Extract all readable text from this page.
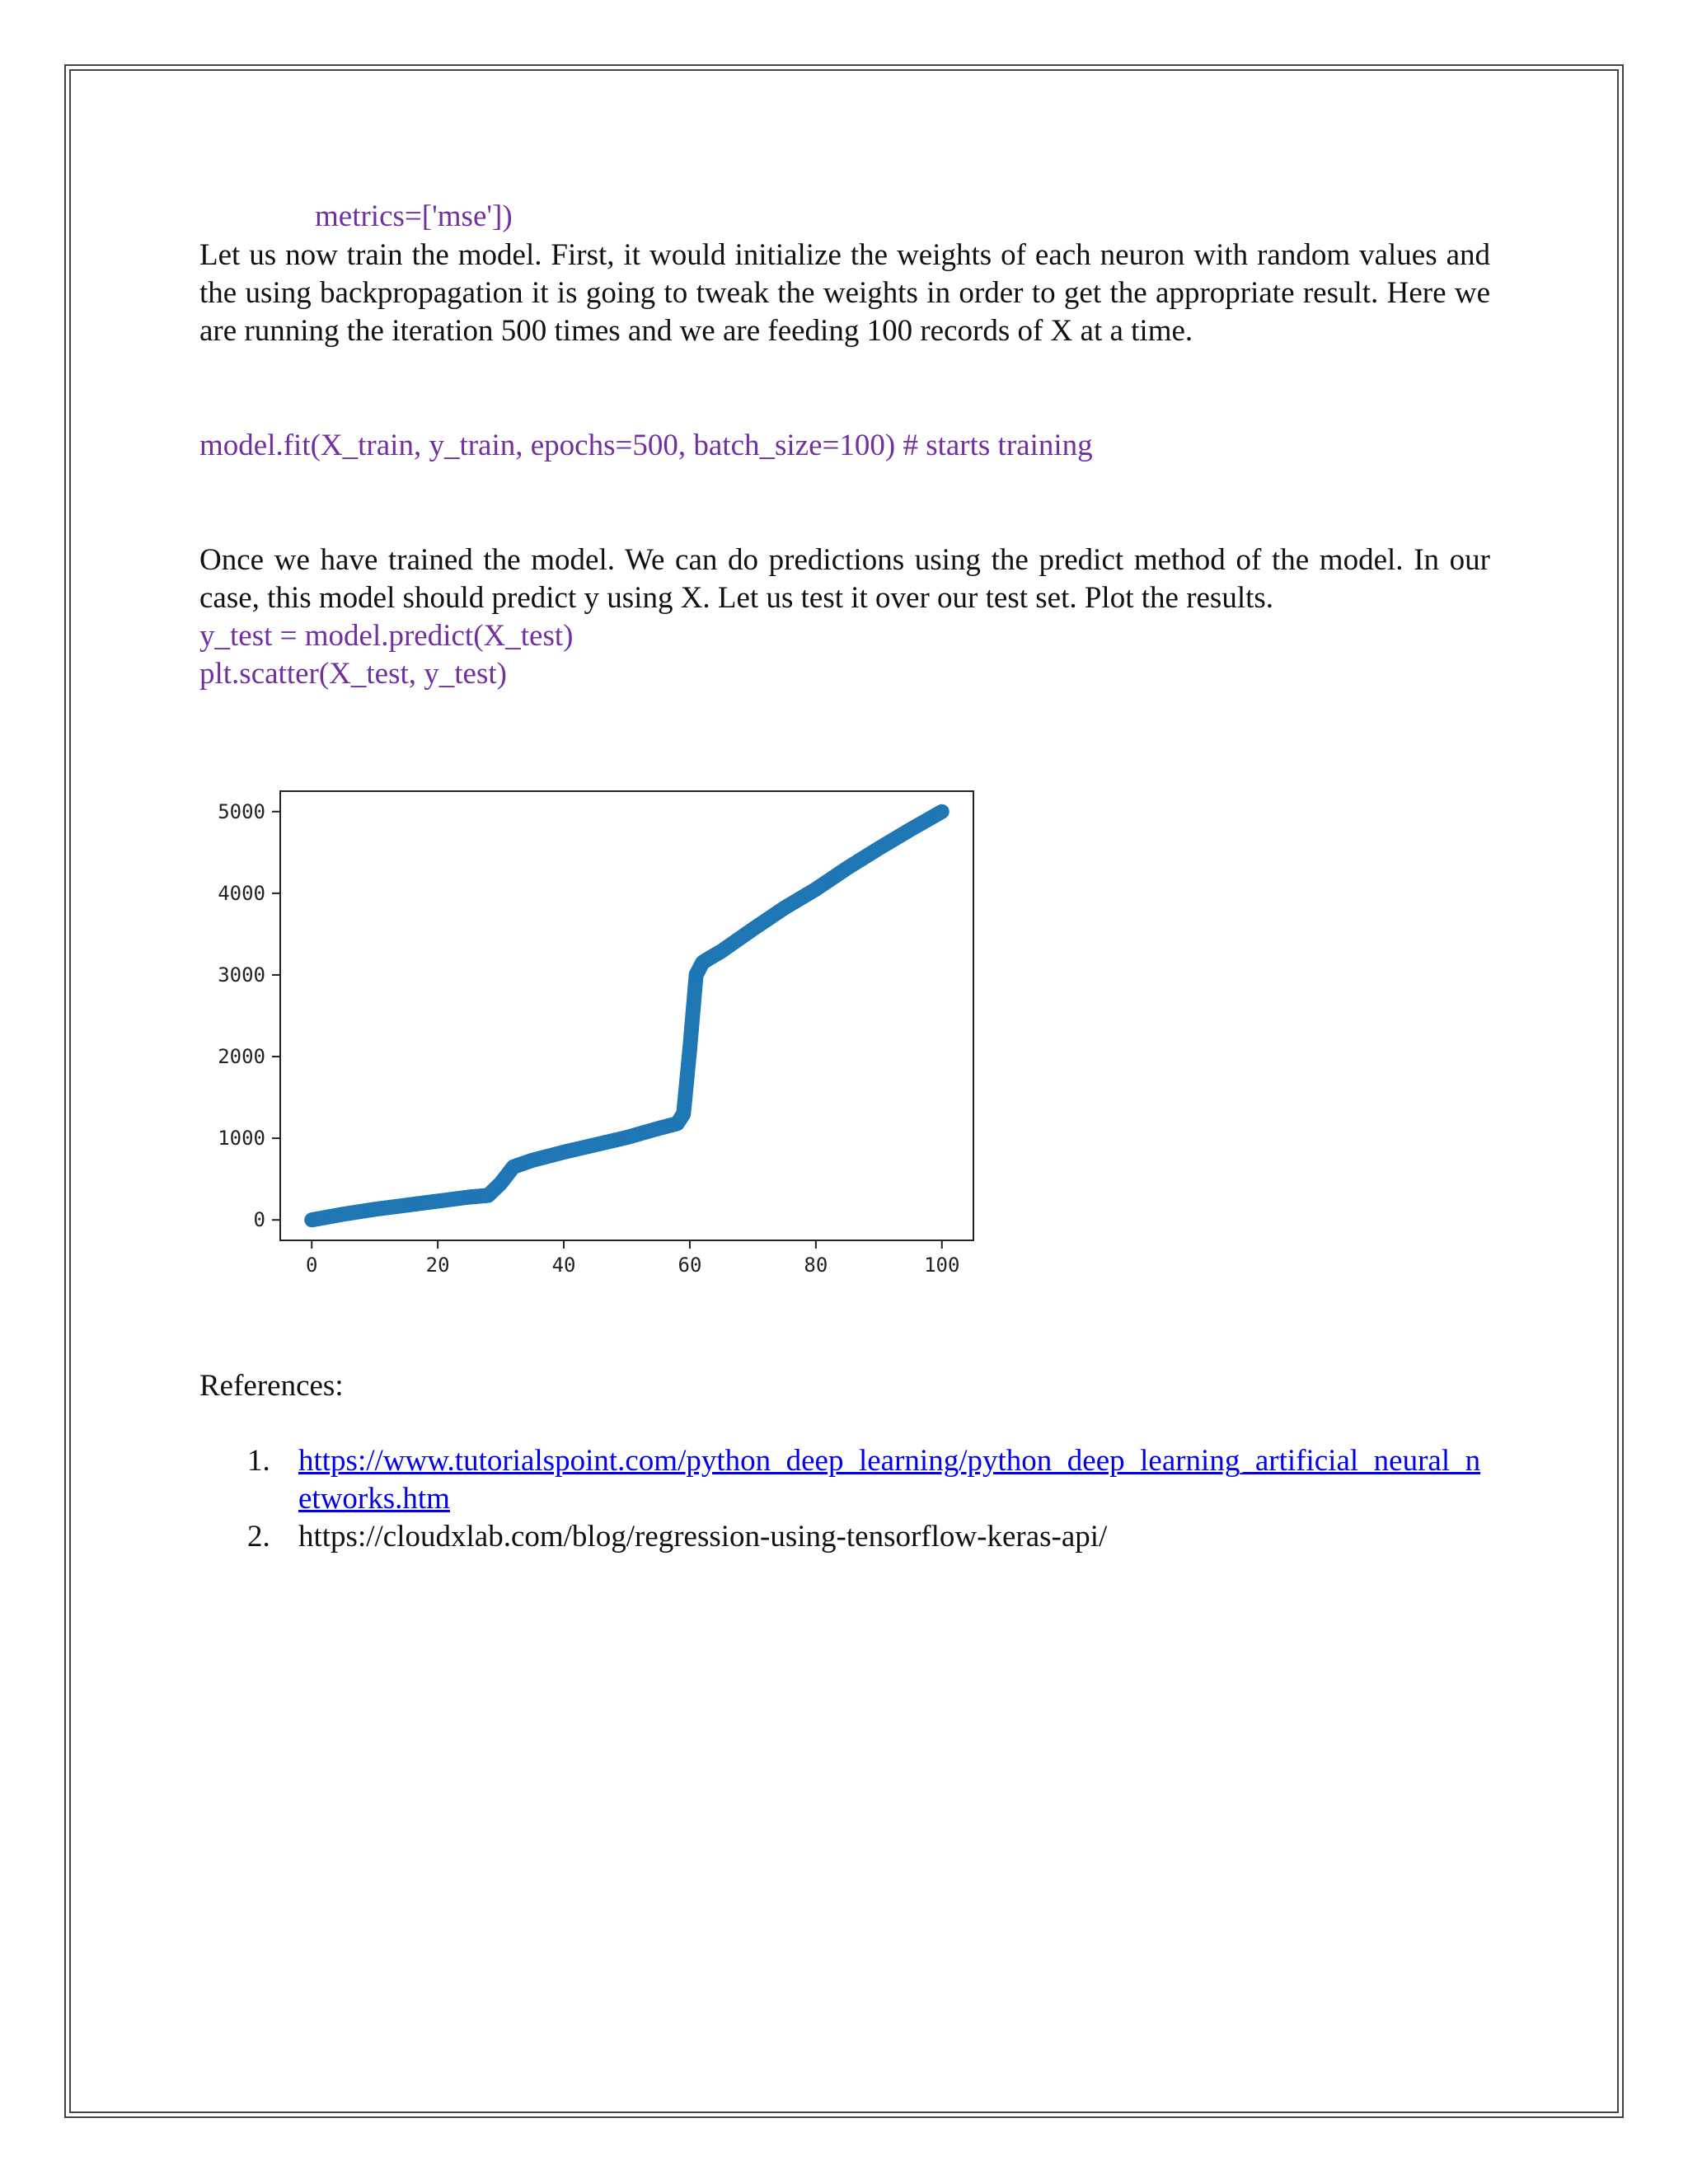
metrics=['mse'])
Let us now train the model. First, it would initialize the weights of each neuron with random values and the using backpropagation it is going to tweak the weights in order to get the appropriate result. Here we are running the iteration 500 times and we are feeding 100 records of X at a time.
model.fit(X_train, y_train, epochs=500, batch_size=100) # starts training
Once we have trained the model. We can do predictions using the predict method of the model. In our case, this model should predict y using X. Let us test it over our test set. Plot the results.
y_test = model.predict(X_test)
plt.scatter(X_test, y_test)
0	20	40	60	80	100
0
1000
2000
3000
4000
5000
References:
1. https://www.tutorialspoint.com/python_deep_learning/python_deep_learning_artificial_neural_networks.htm
2. https://cloudxlab.com/blog/regression-using-tensorflow-keras-api/
